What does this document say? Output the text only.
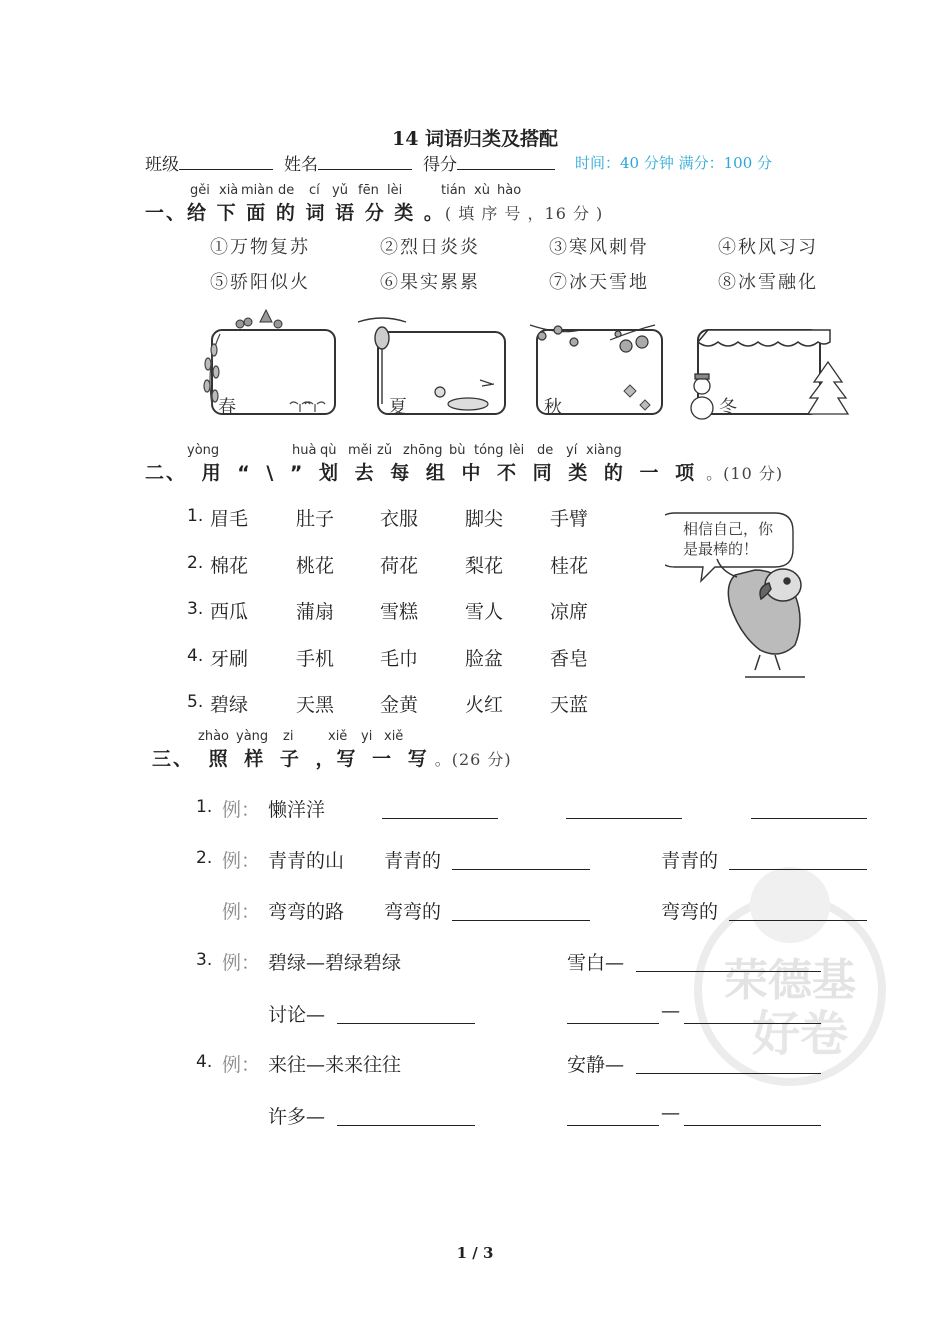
14 词语归类及搭配
班级	姓名	得分	时间：40 分钟 满分：100 分
gěi xià miàn de cí yǔ fēn lèi	tián xù hào
一、给 下 面 的 词 语 分 类 。( 填 序 号 ，16 分 )
①万物复苏	②烈日炎炎	③寒风刺骨	④秋风习习
⑤骄阳似火	⑥果实累累	⑦冰天雪地	⑧冰雪融化
春	夏	秋	冬
yòng	huà qù měi zǔ zhōng bù tóng lèi de yí xiàng
二、 用 “ \ ” 划 去 每 组 中 不 同 类 的 一 项 。(10 分)
1. 眉毛	肚子 衣服 脚尖 手臂
2. 棉花	桃花 荷花 梨花 桂花
3. 西瓜	蒲扇 雪糕 雪人 凉席
4. 牙刷	手机 毛巾 脸盆 香皂
5. 碧绿	天黑 金黄 火红 天蓝
相信自己，你
是最棒的！
zhào yàng zi	xiě yi xiě
三、 照 样 子 ，写 一 写 。(26 分)
荣德基
好卷
1. 例： 懒洋洋
2. 例： 青青的山 青青的	青青的
例： 弯弯的路 弯弯的	弯弯的
3. 例： 碧绿—碧绿碧绿	雪白—
讨论—	—
4. 例： 来往—来来往往	安静—
许多—	—
1 / 3
